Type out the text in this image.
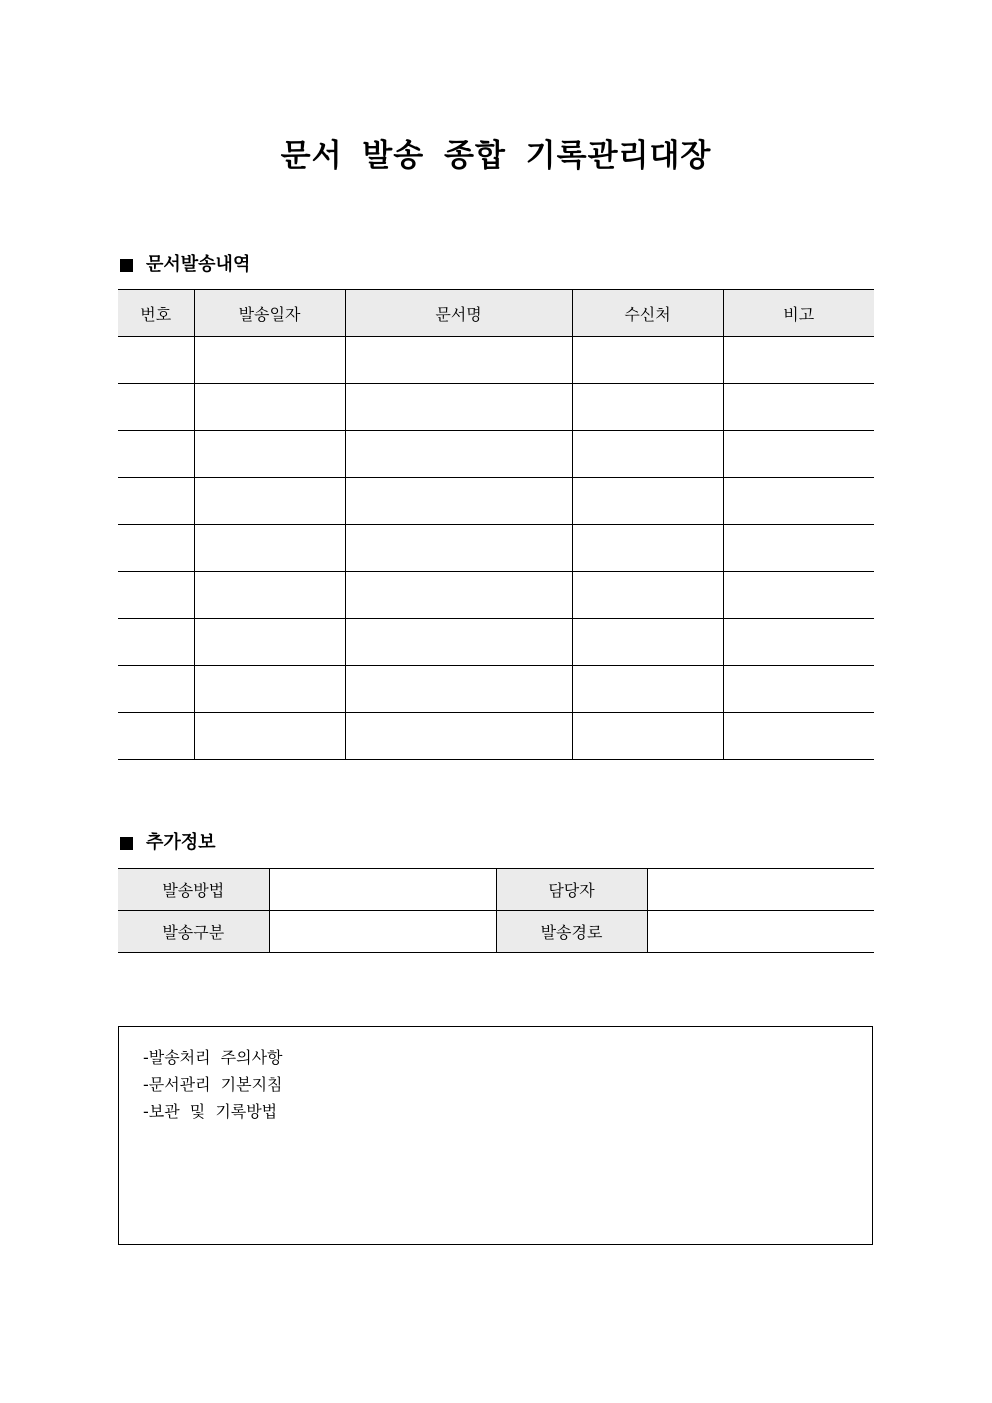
문서 발송 종합 기록관리대장
문서발송내역
번호	발송일자	문서명	수신처	비고

추가정보
발송방법		담당자	
발송구분		발송경로	
-발송처리 주의사항
-문서관리 기본지침
-보관 및 기록방법
